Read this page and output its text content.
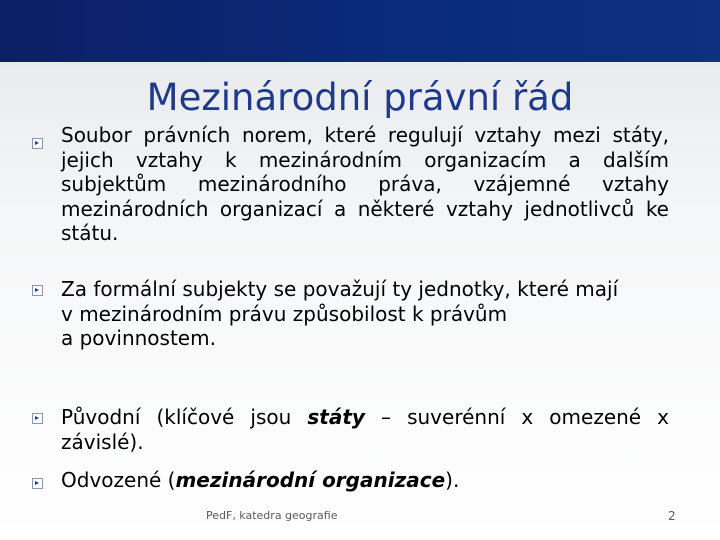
Mezinárodní právní řád

Soubor právních norem, které regulují vztahy mezi státy, jejich vztahy k mezinárodním organizacím a dalším subjektům mezinárodního práva, vzájemné vztahy mezinárodních organizací a některé vztahy jednotlivců ke státu.

Za formální subjekty se považují ty jednotky, které mají
v mezinárodním právu způsobilost k právům
a povinnostem.

Původní (klíčové jsou státy – suverénní x omezené x závislé).

Odvozené (mezinárodní organizace).

PedF, katedra geografie	2
